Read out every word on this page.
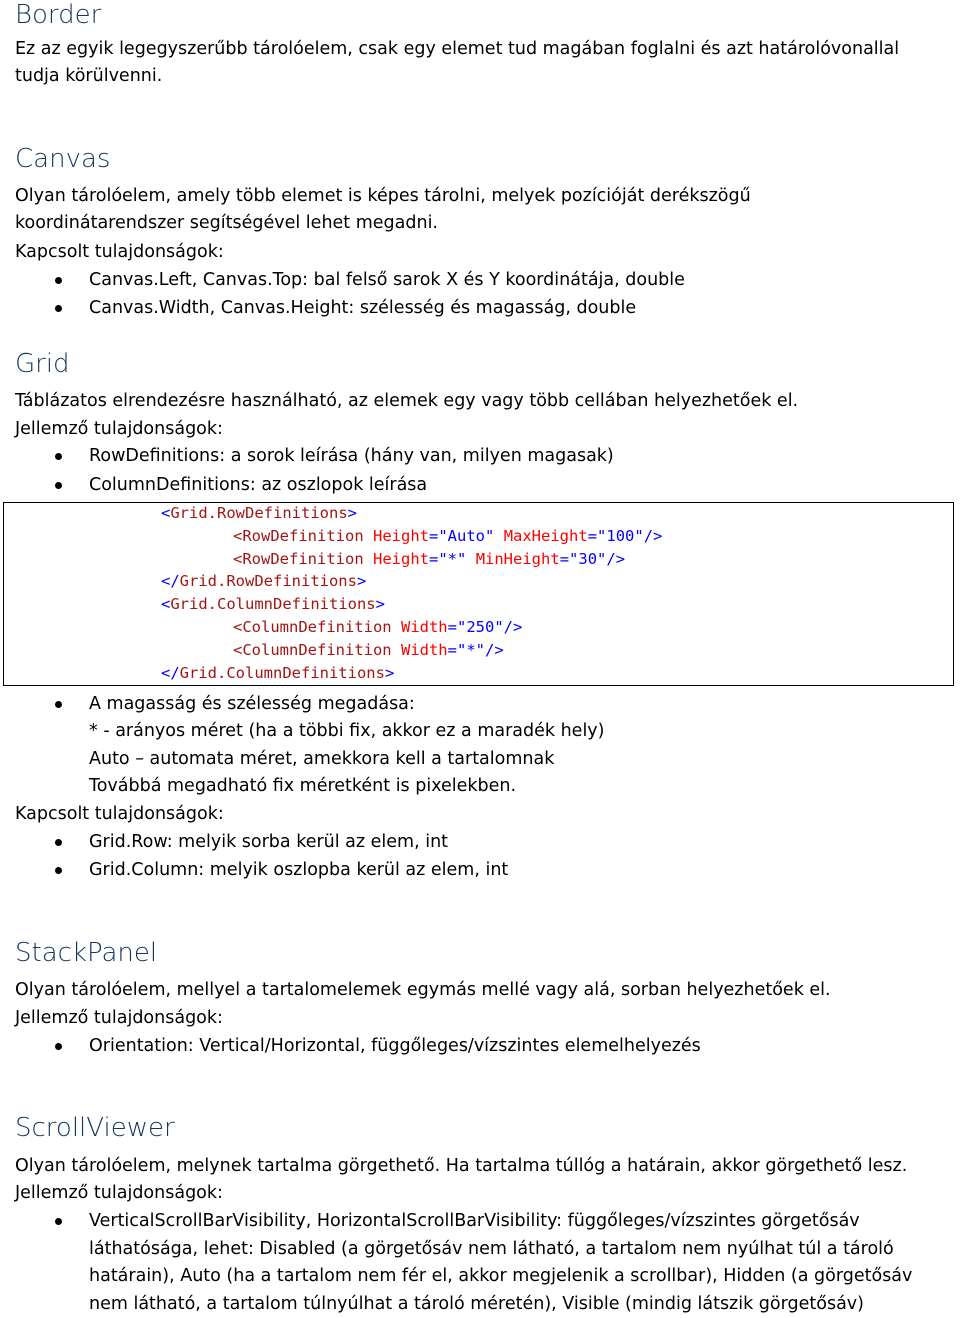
Border
Ez az egyik legegyszerűbb tárolóelem, csak egy elemet tud magában foglalni és azt határolóvonallal
tudja körülvenni.
Canvas
Olyan tárolóelem, amely több elemet is képes tárolni, melyek pozícióját derékszögű
koordinátarendszer segítségével lehet megadni.
Kapcsolt tulajdonságok:
Canvas.Left, Canvas.Top: bal felső sarok X és Y koordinátája, double
Canvas.Width, Canvas.Height: szélesség és magasság, double
Grid
Táblázatos elrendezésre használható, az elemek egy vagy több cellában helyezhetőek el.
Jellemző tulajdonságok:
RowDefinitions: a sorok leírása (hány van, milyen magasak)
ColumnDefinitions: az oszlopok leírása
<Grid.RowDefinitions>
<RowDefinition Height="Auto" MaxHeight="100"/>
<RowDefinition Height="*" MinHeight="30"/>
</Grid.RowDefinitions>
<Grid.ColumnDefinitions>
<ColumnDefinition Width="250"/>
<ColumnDefinition Width="*"/>
</Grid.ColumnDefinitions>
A magasság és szélesség megadása:
* - arányos méret (ha a többi fix, akkor ez a maradék hely)
Auto – automata méret, amekkora kell a tartalomnak
Továbbá megadható fix méretként is pixelekben.
Kapcsolt tulajdonságok:
Grid.Row: melyik sorba kerül az elem, int
Grid.Column: melyik oszlopba kerül az elem, int
StackPanel
Olyan tárolóelem, mellyel a tartalomelemek egymás mellé vagy alá, sorban helyezhetőek el.
Jellemző tulajdonságok:
Orientation: Vertical/Horizontal, függőleges/vízszintes elemelhelyezés
ScrollViewer
Olyan tárolóelem, melynek tartalma görgethető. Ha tartalma túllóg a határain, akkor görgethető lesz.
Jellemző tulajdonságok:
VerticalScrollBarVisibility, HorizontalScrollBarVisibility: függőleges/vízszintes görgetősáv
láthatósága, lehet: Disabled (a görgetősáv nem látható, a tartalom nem nyúlhat túl a tároló
határain), Auto (ha a tartalom nem fér el, akkor megjelenik a scrollbar), Hidden (a görgetősáv
nem látható, a tartalom túlnyúlhat a tároló méretén), Visible (mindig látszik görgetősáv)
